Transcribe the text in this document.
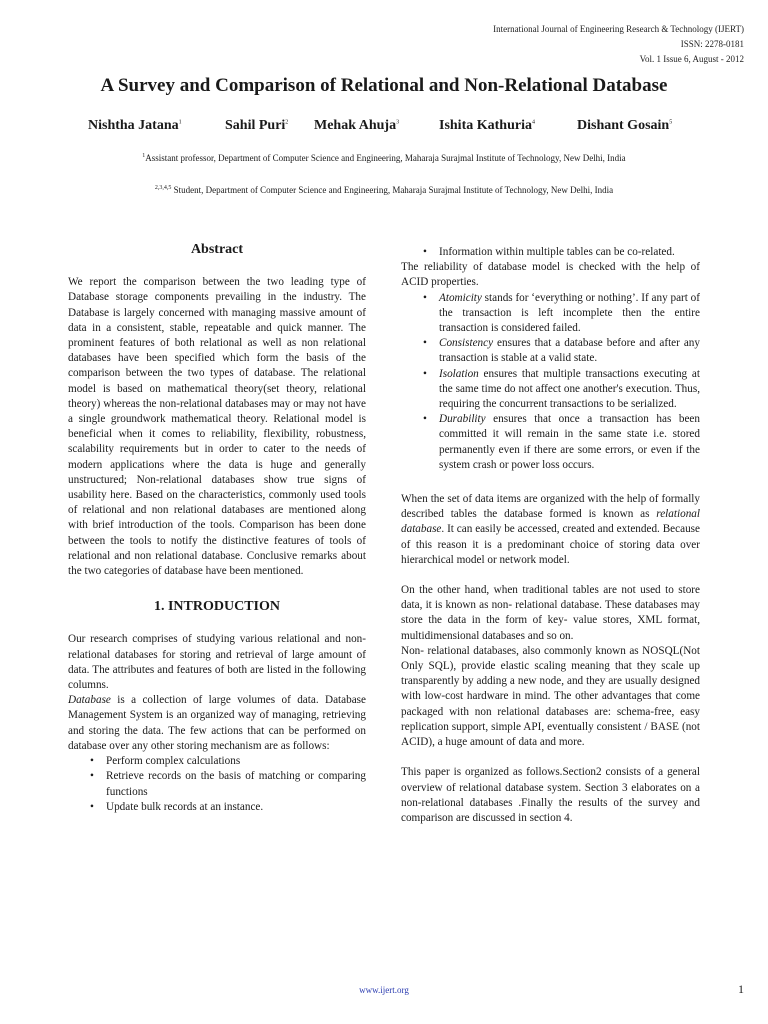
International Journal of Engineering Research & Technology (IJERT)
ISSN: 2278-0181
Vol. 1 Issue 6, August - 2012
A Survey and Comparison of Relational and Non-Relational Database
Nishtha Jatana$^1$	Sahil Puri$^2$ Mehak Ahuja$^3$	Ishita Kathuria$^4$	Dishant Gosain$^5$
$^1$Assistant professor, Department of Computer Science and Engineering, Maharaja Surajmal Institute of Technology, New Delhi, India
$^{2,3,4,5}$ Student, Department of Computer Science and Engineering, Maharaja Surajmal Institute of Technology, New Delhi, India
Abstract

We report the comparison between the two leading type of Database storage components prevailing in the industry. The Database is largely concerned with managing massive amount of data in a consistent, stable, repeatable and quick manner. The prominent features of both relational as well as non relational databases have been specified which form the basis of the comparison between the two types of database. The relational model is based on mathematical theory(set theory, relational theory) whereas the non-relational databases may or may not have a single groundwork mathematical theory. Relational model is beneficial when it comes to reliability, flexibility, robustness, scalability requirements but in order to cater to the needs of modern applications where the data is huge and generally unstructured; Non-relational databases show true signs of usability here. Based on the characteristics, commonly used tools of relational and non relational databases are mentioned along with brief introduction of the tools. Comparison has been done between the tools to notify the distinctive features of tools of relational and non relational database. Conclusive remarks about the two categories of database have been mentioned.

1. INTRODUCTION

Our research comprises of studying various relational and non-relational databases for storing and retrieval of large amount of data. The attributes and features of both are listed in the following columns.

Database is a collection of large volumes of data. Database Management System is an organized way of managing, retrieving and storing the data. The few actions that can be performed on database over any other storing mechanism are as follows:

• Perform complex calculations
• Retrieve records on the basis of matching or comparing functions
• Update bulk records at an instance.
• Information within multiple tables can be co-related.

The reliability of database model is checked with the help of ACID properties.

• Atomicity stands for ‘everything or nothing’. If any part of the transaction is left incomplete then the entire transaction is considered failed.
• Consistency ensures that a database before and after any transaction is stable at a valid state.
• Isolation ensures that multiple transactions executing at the same time do not affect one another's execution. Thus, requiring the concurrent transactions to be serialized.
• Durability ensures that once a transaction has been committed it will remain in the same state i.e. stored permanently even if there are some errors, or even if the system crash or power loss occurs.

When the set of data items are organized with the help of formally described tables the database formed is known as relational database. It can easily be accessed, created and extended. Because of this reason it is a predominant choice of storing data over hierarchical model or network model.

On the other hand, when traditional tables are not used to store data, it is known as non- relational database. These databases may store the data in the form of key- value stores, XML format, multidimensional databases and so on.

Non- relational databases, also commonly known as NOSQL(Not Only SQL), provide elastic scaling meaning that they scale up transparently by adding a new node, and they are usually designed with low-cost hardware in mind. The other advantages that come packaged with non relational databases are: schema-free, easy replication support, simple API, eventually consistent / BASE (not ACID), a huge amount of data and more.

This paper is organized as follows.Section2 consists of a general overview of relational database system. Section 3 elaborates on a non-relational databases .Finally the results of the survey and comparison are discussed in section 4.

www.ijert.org	1
